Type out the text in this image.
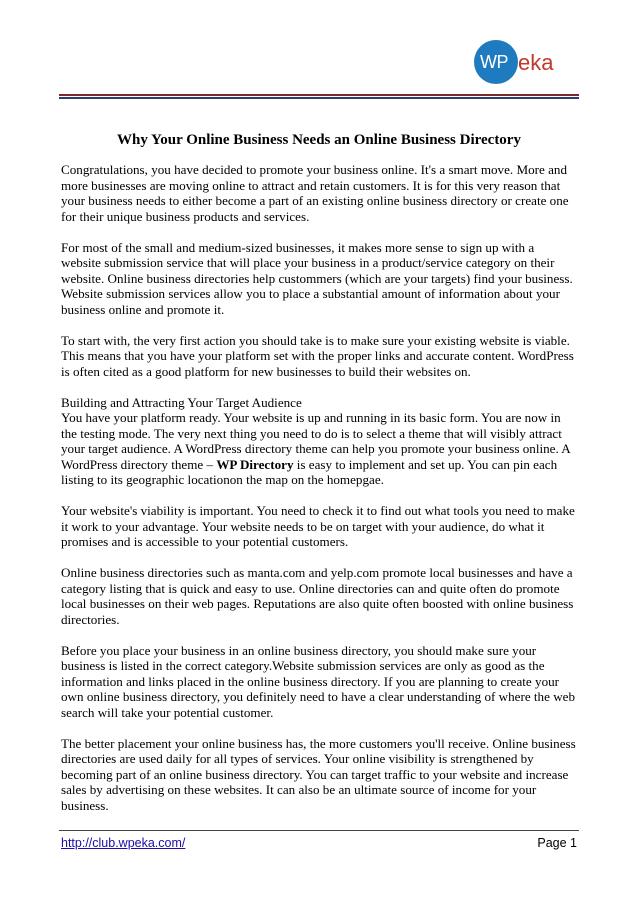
WP eka
Why Your Online Business Needs an Online Business Directory

Congratulations, you have decided to promote your business online. It's a smart move. More and more businesses are moving online to attract and retain customers. It is for this very reason that your business needs to either become a part of an existing online business directory or create one for their unique business products and services.

For most of the small and medium-sized businesses, it makes more sense to sign up with a website submission service that will place your business in a product/service category on their website. Online business directories help custommers (which are your targets) find your business. Website submission services allow you to place a substantial amount of information about your business online and promote it.

To start with, the very first action you should take is to make sure your existing website is viable. This means that you have your platform set with the proper links and accurate content. WordPress is often cited as a good platform for new businesses to build their websites on.

Building and Attracting Your Target Audience
You have your platform ready. Your website is up and running in its basic form. You are now in the testing mode. The very next thing you need to do is to select a theme that will visibly attract your target audience. A WordPress directory theme can help you promote your business online. A WordPress directory theme – WP Directory is easy to implement and set up. You can pin each listing to its geographic locationon the map on the homepgae.

Your website's viability is important. You need to check it to find out what tools you need to make it work to your advantage. Your website needs to be on target with your audience, do what it promises and is accessible to your potential customers.

Online business directories such as manta.com and yelp.com promote local businesses and have a category listing that is quick and easy to use. Online directories can and quite often do promote local businesses on their web pages. Reputations are also quite often boosted with online business directories.

Before you place your business in an online business directory, you should make sure your business is listed in the correct category.Website submission services are only as good as the information and links placed in the online business directory. If you are planning to create your own online business directory, you definitely need to have a clear understanding of where the web search will take your potential customer.

The better placement your online business has, the more customers you'll receive. Online business directories are used daily for all types of services. Your online visibility is strengthened by becoming part of an online business directory. You can target traffic to your website and increase sales by advertising on these websites. It can also be an ultimate source of income for your business.

http://club.wpeka.com/	Page 1
